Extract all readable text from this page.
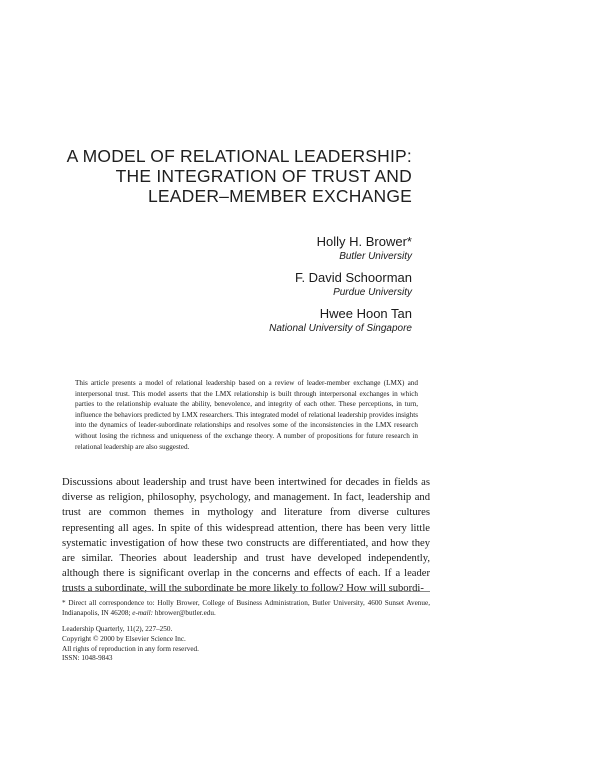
A MODEL OF RELATIONAL LEADERSHIP:
THE INTEGRATION OF TRUST AND
LEADER–MEMBER EXCHANGE
Holly H. Brower*
Butler University
F. David Schoorman
Purdue University
Hwee Hoon Tan
National University of Singapore

This article presents a model of relational leadership based on a review of leader-member exchange (LMX) and interpersonal trust. This model asserts that the LMX relationship is built through interpersonal exchanges in which parties to the relationship evaluate the ability, benevolence, and integrity of each other. These perceptions, in turn, influence the behaviors predicted by LMX researchers. This integrated model of relational leadership provides insights into the dynamics of leader-subordinate relationships and resolves some of the inconsistencies in the LMX research without losing the richness and uniqueness of the exchange theory. A number of propositions for future research in relational leadership are also suggested.

Discussions about leadership and trust have been intertwined for decades in fields as diverse as religion, philosophy, psychology, and management. In fact, leadership and trust are common themes in mythology and literature from diverse cultures representing all ages. In spite of this widespread attention, there has been very little systematic investigation of how these two constructs are differentiated, and how they are similar. Theories about leadership and trust have developed independently, although there is significant overlap in the concerns and effects of each. If a leader trusts a subordinate, will the subordinate be more likely to follow? How will subordi-

* Direct all correspondence to: Holly Brower, College of Business Administration, Butler University, 4600 Sunset Avenue, Indianapolis, IN 46208; e-mail: hbrower@butler.edu.

Leadership Quarterly, 11(2), 227–250.
Copyright © 2000 by Elsevier Science Inc.
All rights of reproduction in any form reserved.
ISSN: 1048-9843
